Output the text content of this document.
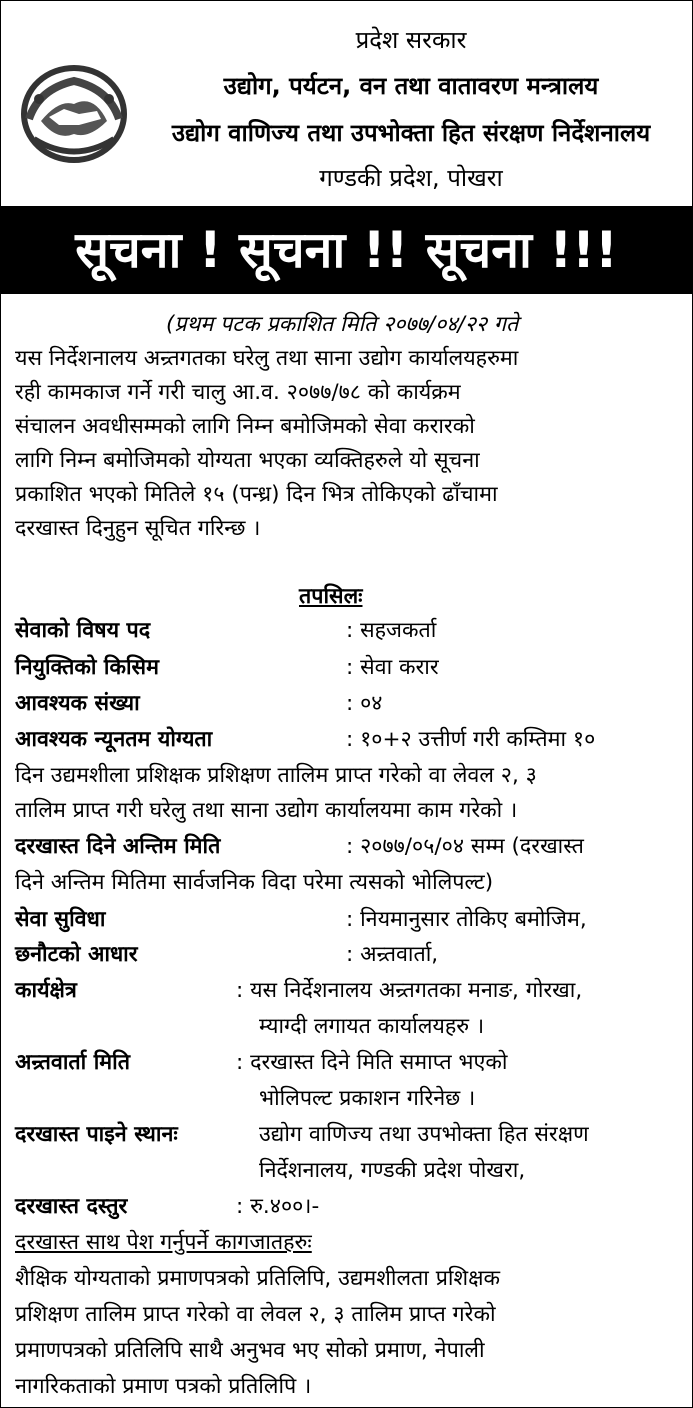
प्रदेश सरकार
उद्योग, पर्यटन, वन तथा वातावरण मन्त्रालय
उद्योग वाणिज्य तथा उपभोक्ता हित संरक्षण निर्देशनालय
गण्डकी प्रदेश, पोखरा
सूचना ! सूचना !! सूचना !!!
(प्रथम पटक प्रकाशित मिति २०७७/०४/२२ गते
यस निर्देशनालय अन्र्तगतका घरेलु तथा साना उद्योग कार्यालयहरुमा
रही कामकाज गर्ने गरी चालु आ.व. २०७७/७८ को कार्यक्रम
संचालन अवधीसम्मको लागि निम्न बमोजिमको सेवा करारको
लागि निम्न बमोजिमको योग्यता भएका व्यक्तिहरुले यो सूचना
प्रकाशित भएको मितिले १५ (पन्ध्र) दिन भित्र तोकिएको ढाँचामा
दरखास्त दिनुहुन सूचित गरिन्छ ।
तपसिलः
सेवाको विषय पद	: सहजकर्ता
नियुक्तिको किसिम	: सेवा करार
आवश्यक संख्या	: ०४
आवश्यक न्यूनतम योग्यता	: १०+२ उत्तीर्ण गरी कम्तिमा १०
दिन उद्यमशीला प्रशिक्षक प्रशिक्षण तालिम प्राप्त गरेको वा लेवल २, ३
तालिम प्राप्त गरी घरेलु तथा साना उद्योग कार्यालयमा काम गरेको ।
दरखास्त दिने अन्तिम मिति	: २०७७/०५/०४ सम्म (दरखास्त
दिने अन्तिम मितिमा सार्वजनिक विदा परेमा त्यसको भोलिपल्ट)
सेवा सुविधा	: नियमानुसार तोकिए बमोजिम,
छनौटको आधार	: अन्र्तवार्ता,
कार्यक्षेत्र	: यस निर्देशनालय अन्र्तगतका मनाङ, गोरखा,
म्याग्दी लगायत कार्यालयहरु ।
अन्र्तवार्ता मिति	: दरखास्त दिने मिति समाप्त भएको
भोलिपल्ट प्रकाशन गरिनेछ ।
दरखास्त पाइने स्थानः	उद्योग वाणिज्य तथा उपभोक्ता हित संरक्षण
निर्देशनालय, गण्डकी प्रदेश पोखरा,
दरखास्त दस्तुर	: रु.४००।-
दरखास्त साथ पेश गर्नुपर्ने कागजातहरुः
शैक्षिक योग्यताको प्रमाणपत्रको प्रतिलिपि, उद्यमशीलता प्रशिक्षक
प्रशिक्षण तालिम प्राप्त गरेको वा लेवल २, ३ तालिम प्राप्त गरेको
प्रमाणपत्रको प्रतिलिपि साथै अनुभव भए सोको प्रमाण, नेपाली
नागरिकताको प्रमाण पत्रको प्रतिलिपि ।
